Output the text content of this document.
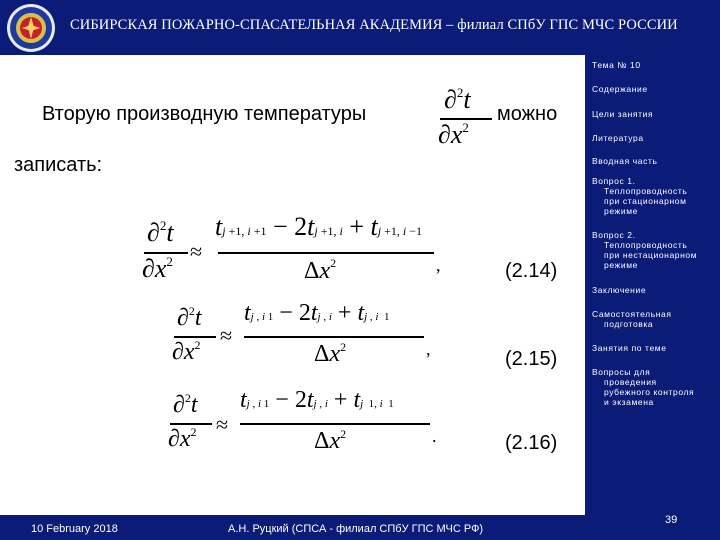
СИБИРСКАЯ ПОЖАРНО-СПАСАТЕЛЬНАЯ АКАДЕМИЯ – филиал СПбУ ГПС МЧС РОССИИ
Вторую производную температуры	∂$^2$t
$\partial x^2$
можно
записать:
∂$^2$t
$\partial x^2$ ≈
tj +1, i +1 − 2tj +1, i + tj +1, i −1
$\Delta x^2$	,	(2.14)
∂$^2$t
$\partial x^2$ ≈
tj , i 1 − 2tj , i + tj , i  1
$\Delta x^2$	,	(2.15)
∂$^2$t
$\partial x^2$ ≈
tj , i 1 − 2tj , i + tj  1, i  1
$\Delta x^2$	.	(2.16)
Тема № 10
Содержание
Цели занятия
Литература
Вводная часть
Вопрос 1.
Теплопроводность
при стационарном
режиме
Вопрос 2.
Теплопроводность
при нестационарном
режиме
Заключение
Самостоятельная
подготовка
Занятия по теме
Вопросы для
проведения
рубежного контроля
и экзамена
39
10 February 2018	А.Н. Руцкий (СПСА - филиал СПбУ ГПС МЧС РФ)
